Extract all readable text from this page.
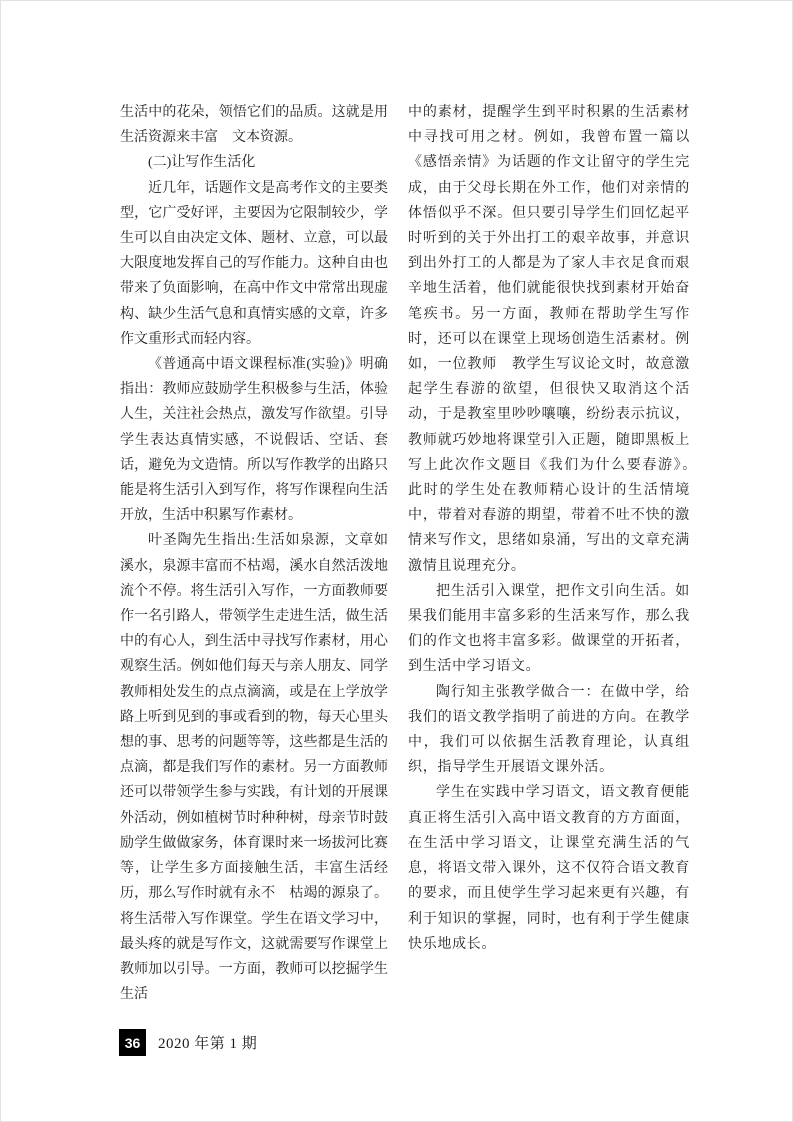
生活中的花朵，领悟它们的品质。这就是用生活资源来丰富　文本资源。

(二)让写作生活化

近几年，话题作文是高考作文的主要类型，它广受好评，主要因为它限制较少，学生可以自由决定文体、题材、立意，可以最大限度地发挥自己的写作能力。这种自由也带来了负面影响，在高中作文中常常出现虚构、缺少生活气息和真情实感的文章，许多作文重形式而轻内容。

《普通高中语文课程标准(实验)》明确指出：教师应鼓励学生积极参与生活，体验人生，关注社会热点，激发写作欲望。引导学生表达真情实感，不说假话、空话、套话，避免为文造情。所以写作教学的出路只能是将生活引入到写作，将写作课程向生活开放，生活中积累写作素材。

叶圣陶先生指出:生活如泉源，文章如溪水，泉源丰富而不枯竭，溪水自然活泼地流个不停。将生活引入写作，一方面教师要作一名引路人，带领学生走进生活，做生活中的有心人，到生活中寻找写作素材，用心观察生活。例如他们每天与亲人朋友、同学教师相处发生的点点滴滴，或是在上学放学路上听到见到的事或看到的物，每天心里头想的事、思考的问题等等，这些都是生活的点滴，都是我们写作的素材。另一方面教师还可以带领学生参与实践，有计划的开展课外活动，例如植树节时种种树，母亲节时鼓励学生做做家务，体育课时来一场拔河比赛等，让学生多方面接触生活，丰富生活经历，那么写作时就有永不　枯竭的源泉了。将生活带入写作课堂。学生在语文学习中，最头疼的就是写作文，这就需要写作课堂上教师加以引导。一方面，教师可以挖掘学生生活

中的素材，提醒学生到平时积累的生活素材中寻找可用之材。例如，我曾布置一篇以《感悟亲情》为话题的作文让留守的学生完成，由于父母长期在外工作，他们对亲情的体悟似乎不深。但只要引导学生们回忆起平时听到的关于外出打工的艰辛故事，并意识到出外打工的人都是为了家人丰衣足食而艰辛地生活着，他们就能很快找到素材开始奋笔疾书。另一方面，教师在帮助学生写作时，还可以在课堂上现场创造生活素材。例如，一位教师　教学生写议论文时，故意激起学生春游的欲望，但很快又取消这个活动，于是教室里吵吵嚷嚷，纷纷表示抗议，教师就巧妙地将课堂引入正题，随即黑板上写上此次作文题目《我们为什么要春游》。　此时的学生处在教师精心设计的生活情境中，带着对春游的期望，带着不吐不快的激情来写作文，思绪如泉涌，写出的文章充满激情且说理充分。

把生活引入课堂，把作文引向生活。如果我们能用丰富多彩的生活来写作，那么我们的作文也将丰富多彩。做课堂的开拓者，到生活中学习语文。

陶行知主张教学做合一：在做中学，给我们的语文教学指明了前进的方向。在教学中，我们可以依据生活教育理论，认真组织，指导学生开展语文课外活。

学生在实践中学习语文，语文教育便能真正将生活引入高中语文教育的方方面面，在生活中学习语文，让课堂充满生活的气息，将语文带入课外，这不仅符合语文教育的要求，而且使学生学习起来更有兴趣，有利于知识的掌握，同时，也有利于学生健康快乐地成长。

36	2020 年第 1 期
